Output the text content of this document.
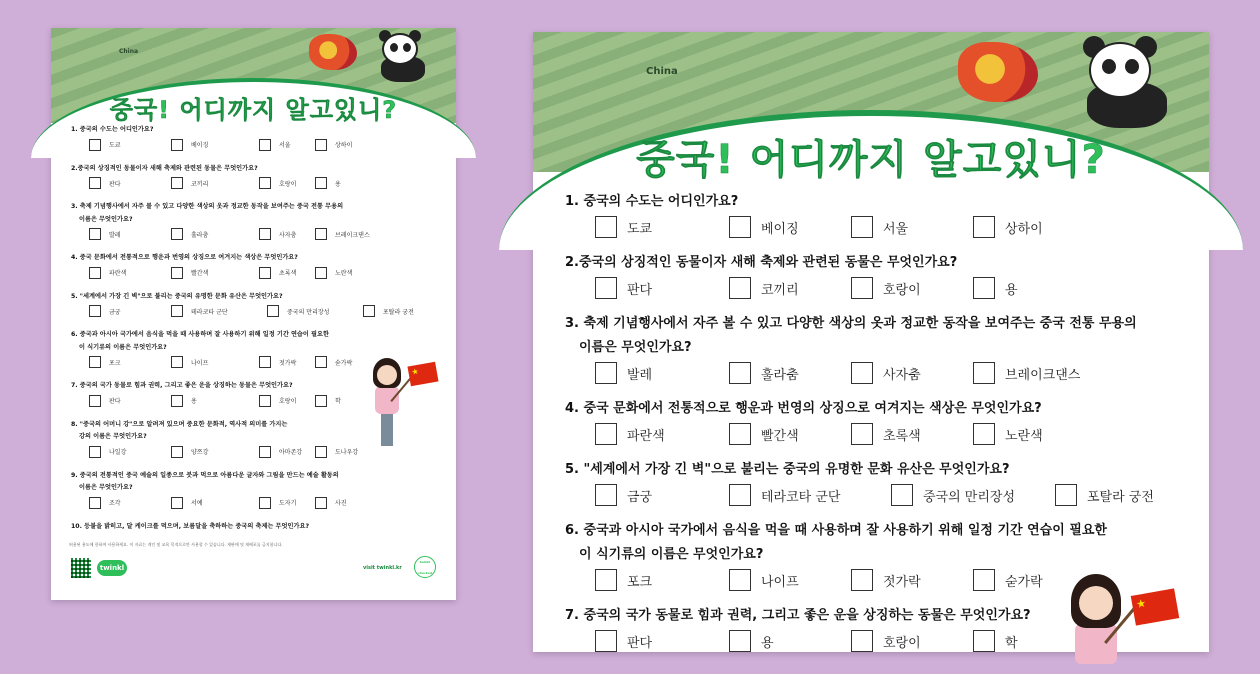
China
중국! 어디까지 알고있니?
1. 중국의 수도는 어디인가요?
도쿄	베이징	서울	상하이
2.중국의 상징적인 동물이자 새해 축제와 관련된 동물은 무엇인가요?
판다	코끼리	호랑이	용
3. 축제 기념행사에서 자주 볼 수 있고 다양한 색상의 옷과 정교한 동작을 보여주는 중국 전통 무용의
이름은 무엇인가요?
발레	훌라춤	사자춤	브레이크댄스
4. 중국 문화에서 전통적으로 행운과 번영의 상징으로 여겨지는 색상은 무엇인가요?
파란색	빨간색	초록색	노란색
5. "세계에서 가장 긴 벽"으로 불리는 중국의 유명한 문화 유산은 무엇인가요?
금궁	테라코타 군단	중국의 만리장성	포탈라 궁전
6. 중국과 아시아 국가에서 음식을 먹을 때 사용하며 잘 사용하기 위해 일정 기간 연습이 필요한
이 식기류의 이름은 무엇인가요?
포크	나이프	젓가락	숟가락
7. 중국의 국가 동물로 힘과 권력, 그리고 좋은 운을 상징하는 동물은 무엇인가요?
판다	용	호랑이	학
8. "중국의 어머니 강"으로 알려져 있으며 중요한 문화적, 역사적 의미를 가지는
강의 이름은 무엇인가요?
나일강	양쯔강	아마존강	도나우강
9. 중국의 전통적인 중국 예술의 일종으로 붓과 먹으로 아름다운 글자와 그림을 만드는 예술 활동의
이름은 무엇인가요?
조각	서예	도자기	사진
10. 등불을 밝히고, 달 케이크를 먹으며, 보름달을 축하하는 중국의 축제는 무엇인가요?
★
허용된 용도에 한하여 사용하세요. 이 자료는 개인 및 교육 목적으로만 사용할 수 있습니다. 재판매 및 재배포를 금지합니다.
twinkl	visit twinkl.kr
twinkl checked
China
중국! 어디까지 알고있니?
1. 중국의 수도는 어디인가요?
도쿄	베이징	서울	상하이
2.중국의 상징적인 동물이자 새해 축제와 관련된 동물은 무엇인가요?
판다	코끼리	호랑이	용
3. 축제 기념행사에서 자주 볼 수 있고 다양한 색상의 옷과 정교한 동작을 보여주는 중국 전통 무용의
이름은 무엇인가요?
발레	훌라춤	사자춤	브레이크댄스
4. 중국 문화에서 전통적으로 행운과 번영의 상징으로 여겨지는 색상은 무엇인가요?
파란색	빨간색	초록색	노란색
5. "세계에서 가장 긴 벽"으로 불리는 중국의 유명한 문화 유산은 무엇인가요?
금궁	테라코타 군단	중국의 만리장성	포탈라 궁전
6. 중국과 아시아 국가에서 음식을 먹을 때 사용하며 잘 사용하기 위해 일정 기간 연습이 필요한
이 식기류의 이름은 무엇인가요?
포크	나이프	젓가락	숟가락
7. 중국의 국가 동물로 힘과 권력, 그리고 좋은 운을 상징하는 동물은 무엇인가요?
판다	용	호랑이	학
★
